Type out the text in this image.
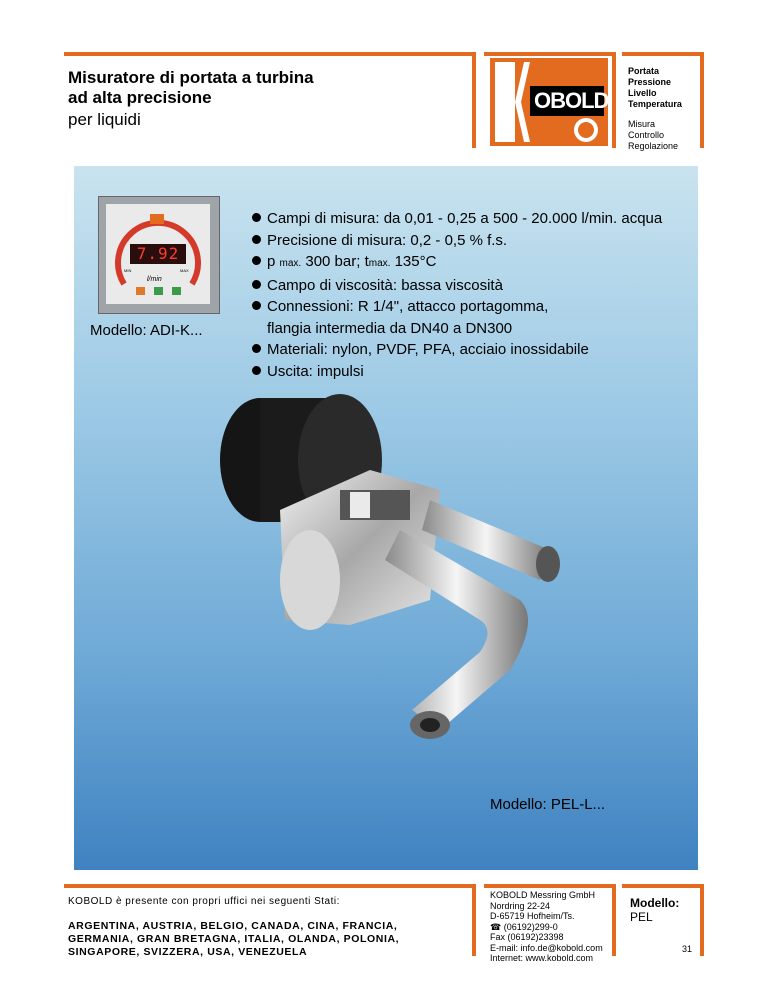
Misuratore di portata a turbina
ad alta precisione
per liquidi
OBOLD
Portata
Pressione
Livello
Temperatura
Misura
Controllo
Regolazione
7.92
MIN	MAX
l/min
Modello: ADI-K...
Campi di misura: da 0,01 - 0,25 a 500 - 20.000 l/min. acqua
Precisione di misura: 0,2 - 0,5 % f.s.
p
max.
300 bar; t max.
135°C
Campo di viscosità: bassa viscosità
Connessioni: R 1/4", attacco portagomma,
flangia intermedia da DN40 a DN300
Materiali: nylon, PVDF, PFA, acciaio inossidabile
Uscita: impulsi
Modello: PEL-L...
KOBOLD è presente con propri uffici nei seguenti Stati:
ARGENTINA, AUSTRIA, BELGIO, CANADA, CINA, FRANCIA,
GERMANIA, GRAN BRETAGNA, ITALIA, OLANDA, POLONIA,
SINGAPORE, SVIZZERA, USA, VENEZUELA
KOBOLD Messring GmbH
Nordring 22-24
D-65719 Hofheim/Ts.
☎ (06192)299-0
Fax (06192)23398
E-mail: info.de@kobold.com
Internet: www.kobold.com
Modello:
PEL
31
